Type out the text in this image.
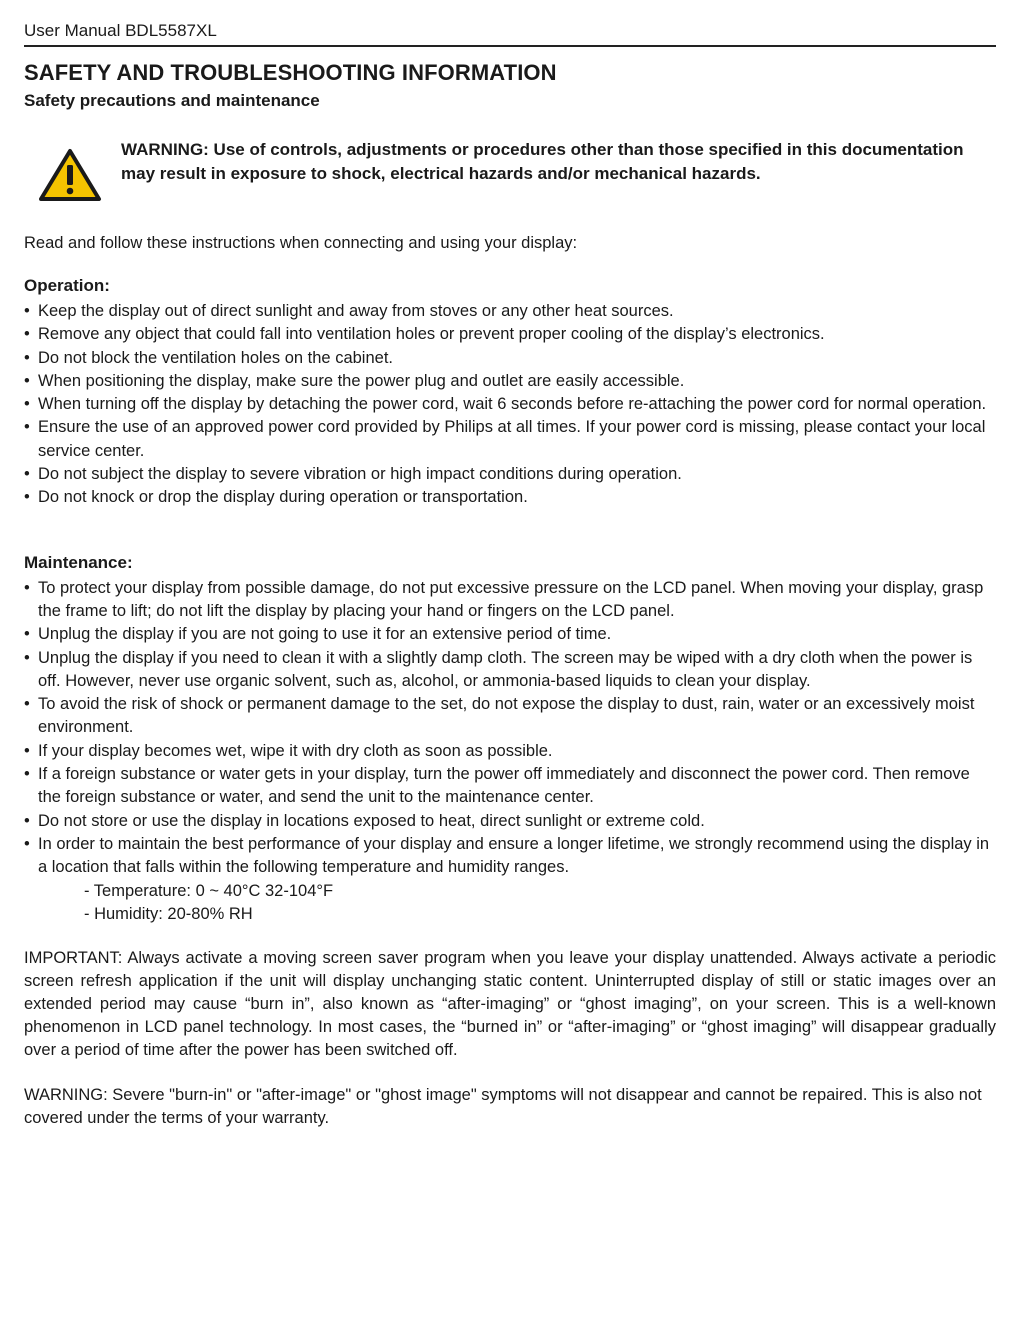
User Manual BDL5587XL
SAFETY AND TROUBLESHOOTING INFORMATION
Safety precautions and maintenance
WARNING: Use of controls, adjustments or procedures other than those specified in this documentation may result in exposure to shock, electrical hazards and/or mechanical hazards.
Read and follow these instructions when connecting and using your display:
Operation:
• Keep the display out of direct sunlight and away from stoves or any other heat sources.
• Remove any object that could fall into ventilation holes or prevent proper cooling of the display’s electronics.
• Do not block the ventilation holes on the cabinet.
• When positioning the display, make sure the power plug and outlet are easily accessible.
• When turning off the display by detaching the power cord, wait 6 seconds before re-attaching the power cord for normal operation.
• Ensure the use of an approved power cord provided by Philips at all times. If your power cord is missing, please contact your local service center.
• Do not subject the display to severe vibration or high impact conditions during operation.
• Do not knock or drop the display during operation or transportation.
Maintenance:
• To protect your display from possible damage, do not put excessive pressure on the LCD panel. When moving your display, grasp the frame to lift; do not lift the display by placing your hand or fingers on the LCD panel.
• Unplug the display if you are not going to use it for an extensive period of time.
• Unplug the display if you need to clean it with a slightly damp cloth. The screen may be wiped with a dry cloth when the power is off. However, never use organic solvent, such as, alcohol, or ammonia-based liquids to clean your display.
• To avoid the risk of shock or permanent damage to the set, do not expose the display to dust, rain, water or an excessively moist environment.
• If your display becomes wet, wipe it with dry cloth as soon as possible.
• If a foreign substance or water gets in your display, turn the power off immediately and disconnect the power cord. Then remove the foreign substance or water, and send the unit to the maintenance center.
• Do not store or use the display in locations exposed to heat, direct sunlight or extreme cold.
• In order to maintain the best performance of your display and ensure a longer lifetime, we strongly recommend using the display in a location that falls within the following temperature and humidity ranges.
- Temperature: 0 ~ 40°C 32-104°F
- Humidity: 20-80% RH
IMPORTANT: Always activate a moving screen saver program when you leave your display unattended. Always activate a periodic screen refresh application if the unit will display unchanging static content. Uninterrupted display of still or static images over an extended period may cause “burn in”, also known as “after-imaging” or “ghost imaging”, on your screen. This is a well-known phenomenon in LCD panel technology. In most cases, the “burned in” or “after-imaging” or “ghost imaging” will disappear gradually over a period of time after the power has been switched off.
WARNING: Severe "burn-in" or "after-image" or "ghost image" symptoms will not disappear and cannot be repaired. This is also not covered under the terms of your warranty.
